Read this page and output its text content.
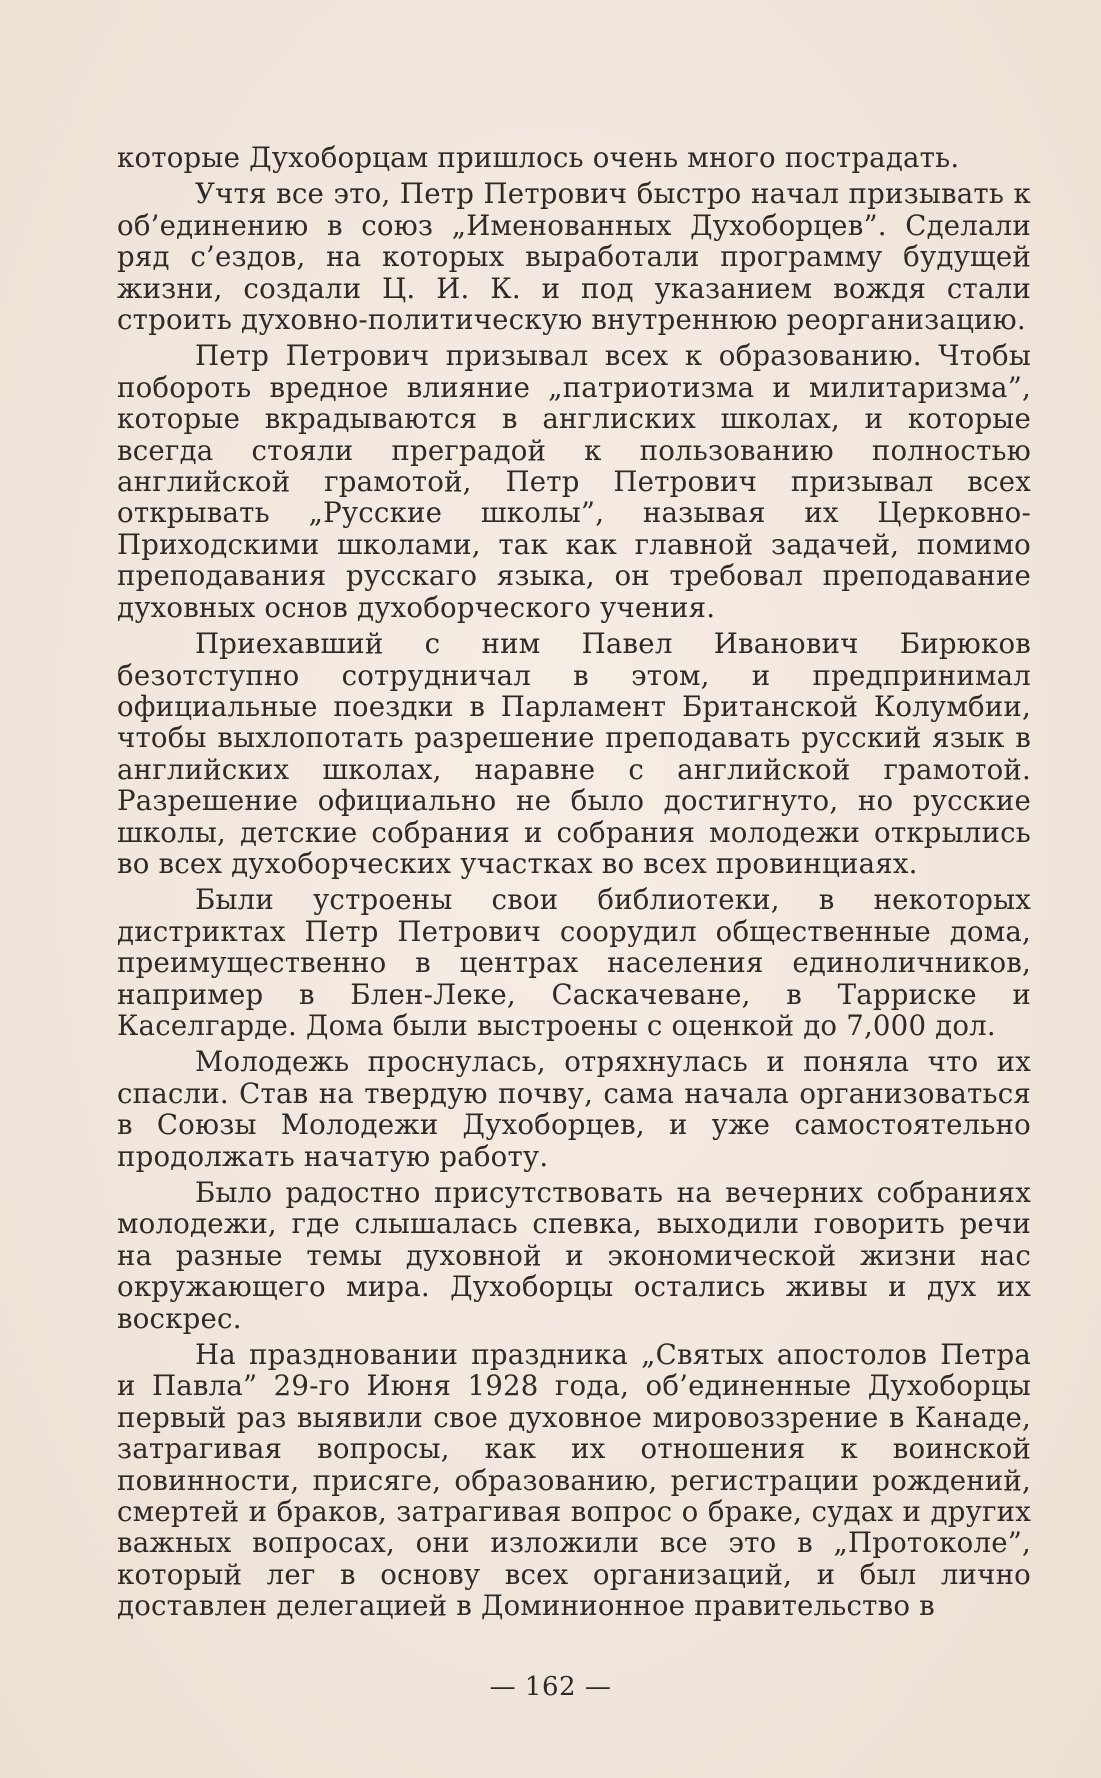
которые Духоборцам пришлось очень много пострадать.

Учтя все это, Петр Петрович быстро начал призывать к об’единению в союз „Именованных Духоборцев”. Сделали ряд с’ездов, на которых выработали программу будущей жизни, создали Ц. И. К. и под указанием вождя стали строить духовно-политическую внутреннюю реорганизацию.

Петр Петрович призывал всех к образованию. Чтобы побороть вредное влияние „патриотизма и милитаризма”, которые вкрадываются в англиских школах, и которые всегда стояли преградой к пользованию полностью английской грамотой, Петр Петрович призывал всех открывать „Русские школы”, называя их Церковно-Приходскими школами, так как главной задачей, помимо преподавания русскаго языка, он требовал преподавание духовных основ духоборческого учения.

Приехавший с ним Павел Иванович Бирюков безотступно сотрудничал в этом, и предпринимал официальные поездки в Парламент Британской Колумбии, чтобы выхлопотать разрешение преподавать русский язык в английских школах, наравне с английской грамотой. Разрешение официально не было достигнуто, но русские школы, детские собрания и собрания молодежи открылись во всех духоборческих участках во всех провинциаях.

Были устроены свои библиотеки, в некоторых дистриктах Петр Петрович соорудил общественные дома, преимущественно в центрах населения единоличников, например в Блен-Леке, Саскачеване, в Тарриске и Каселгарде. Дома были выстроены с оценкой до 7,000 дол.

Молодежь проснулась, отряхнулась и поняла что их спасли. Став на твердую почву, сама начала организоваться в Союзы Молодежи Духоборцев, и уже самостоятельно продолжать начатую работу.

Было радостно присутствовать на вечерних собраниях молодежи, где слышалась спевка, выходили говорить речи на разные темы духовной и экономической жизни нас окружающего мира. Духоборцы остались живы и дух их воскрес.

На праздновании праздника „Святых апостолов Петра и Павла” 29-го Июня 1928 года, об’единенные Духоборцы первый раз выявили свое духовное мировоззрение в Канаде, затрагивая вопросы, как их отношения к воинской повинности, присяге, образованию, регистрации рождений, смертей и браков, затрагивая вопрос о браке, судах и других важных вопросах, они изложили все это в „Протоколе”, который лег в основу всех организаций, и был лично доставлен делегацией в Доминионное правительство в

— 162 —
